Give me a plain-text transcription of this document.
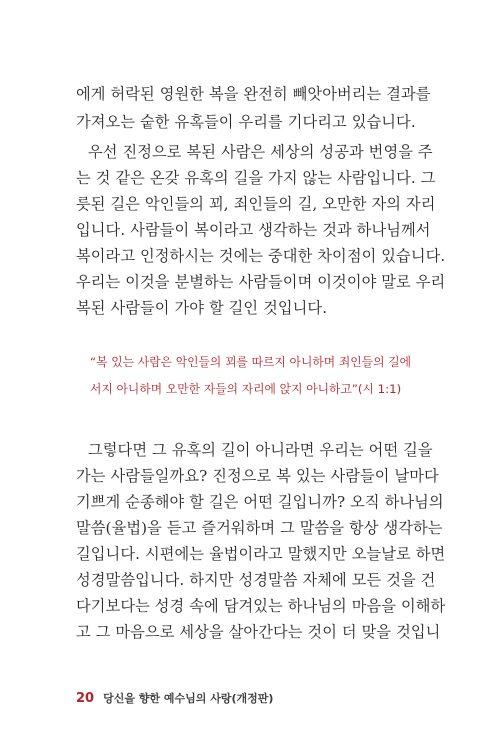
에게 허락된 영원한 복을 완전히 빼앗아버리는 결과를
가져오는 숱한 유혹들이 우리를 기다리고 있습니다.
우선 진정으로 복된 사람은 세상의 성공과 번영을 주
는 것 같은 온갖 유혹의 길을 가지 않는 사람입니다. 그
릇된 길은 악인들의 꾀, 죄인들의 길, 오만한 자의 자리
입니다. 사람들이 복이라고 생각하는 것과 하나님께서
복이라고 인정하시는 것에는 중대한 차이점이 있습니다.
우리는 이것을 분별하는 사람들이며 이것이야 말로 우리
복된 사람들이 가야 할 길인 것입니다.
“복 있는 사람은 악인들의 꾀를 따르지 아니하며 죄인들의 길에
서지 아니하며 오만한 자들의 자리에 앉지 아니하고”(시 1:1)
그렇다면 그 유혹의 길이 아니라면 우리는 어떤 길을
가는 사람들일까요? 진정으로 복 있는 사람들이 날마다
기쁘게 순종해야 할 길은 어떤 길입니까? 오직 하나님의
말씀(율법)을 듣고 즐거워하며 그 말씀을 항상 생각하는
길입니다. 시편에는 율법이라고 말했지만 오늘날로 하면
성경말씀입니다. 하지만 성경말씀 자체에 모든 것을 건
다기보다는 성경 속에 담겨있는 하나님의 마음을 이해하
고 그 마음으로 세상을 살아간다는 것이 더 맞을 것입니
20 당신을 향한 예수님의 사랑(개정판)
